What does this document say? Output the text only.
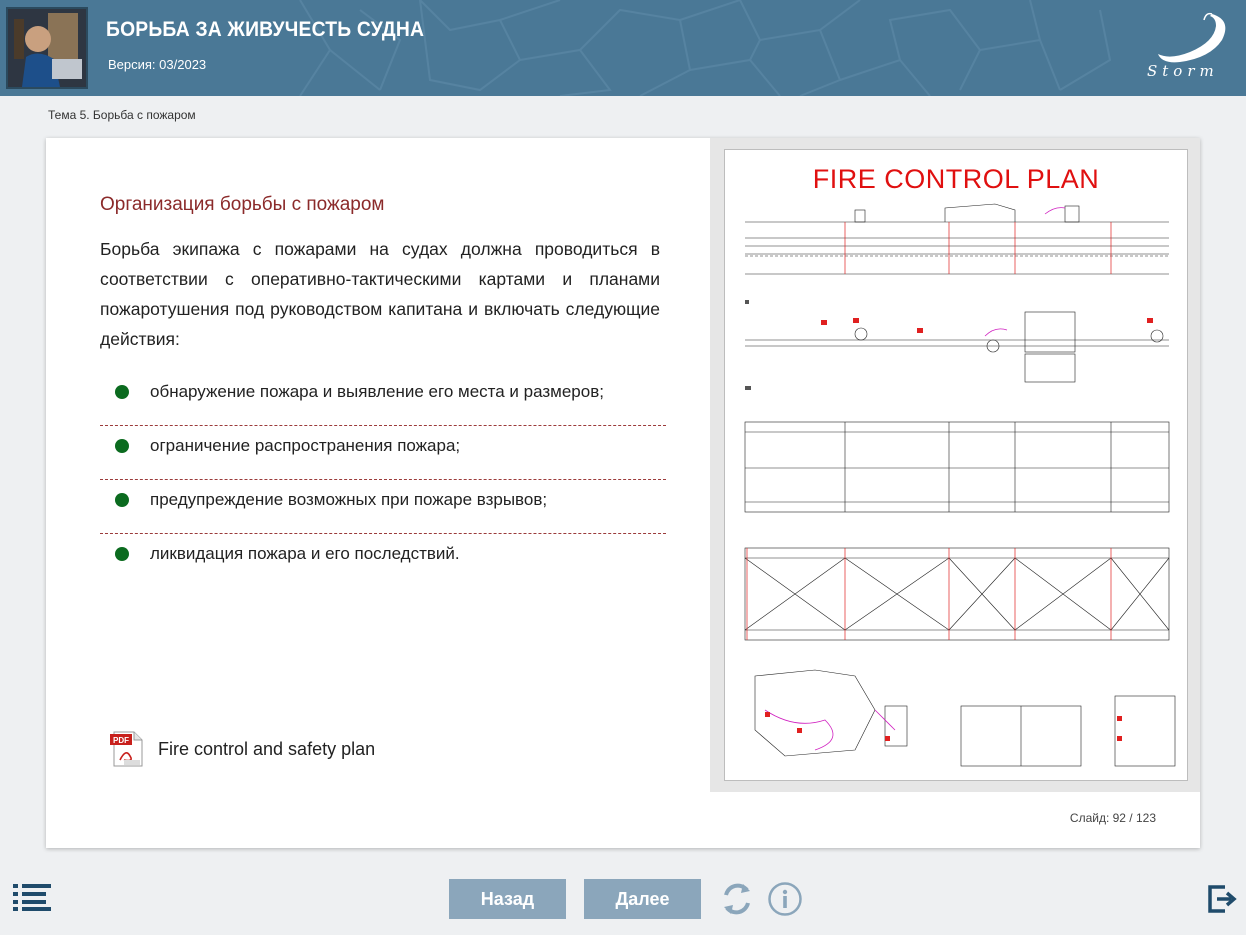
БОРЬБА ЗА ЖИВУЧЕСТЬ СУДНА
Версия: 03/2023	Storm
Тема 5. Борьба с пожаром
Организация борьбы с пожаром
Борьба экипажа с пожарами на судах должна проводиться в соответствии с оперативно-тактическими картами и планами пожаротушения под руководством капитана и включать следующие действия:
обнаружение пожара и выявление его места и размеров;
ограничение распространения пожара;
предупреждение возможных при пожаре взрывов;
ликвидация пожара и его последствий.
PDF Fire control and safety plan
FIRE CONTROL PLAN
Слайд: 92 / 123
Назад	Далее
